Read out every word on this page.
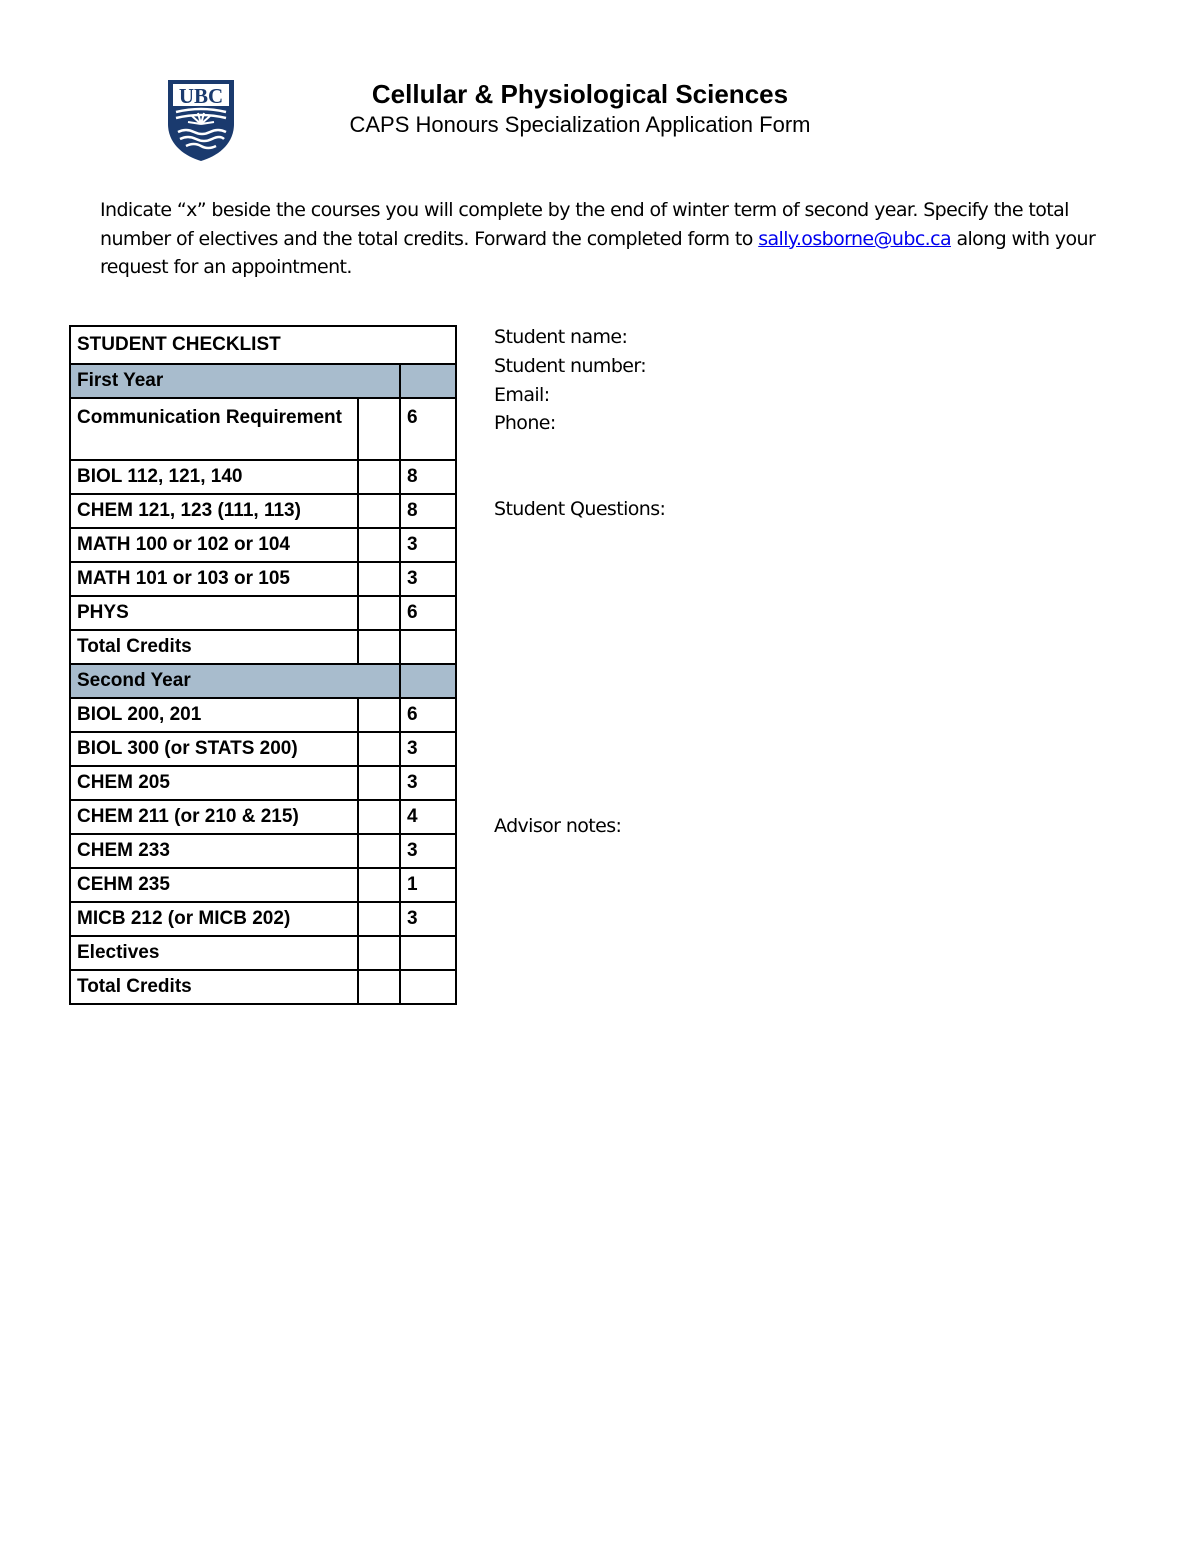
UBC	Cellular & Physiological Sciences
CAPS Honours Specialization Application Form
Indicate “x” beside the courses you will complete by the end of winter term of second year. Specify the total number of electives and the total credits. Forward the completed form to sally.osborne@ubc.ca along with your request for an appointment.
STUDENT CHECKLIST		
First Year		
Communication Requirement		6
BIOL 112, 121, 140		8
CHEM 121, 123 (111, 113)		8
MATH 100 or 102 or 104		3
MATH 101 or 103 or 105		3
PHYS		6
Total Credits		
Second Year		
BIOL 200, 201		6
BIOL 300 (or STATS 200)		3
CHEM 205		3
CHEM 211 (or 210 & 215)		4
CHEM 233		3
CEHM 235		1
MICB 212 (or MICB 202)		3
Electives		
Total Credits		
Student name:
Student number:
Email:
Phone:
Student Questions:
Advisor notes:
